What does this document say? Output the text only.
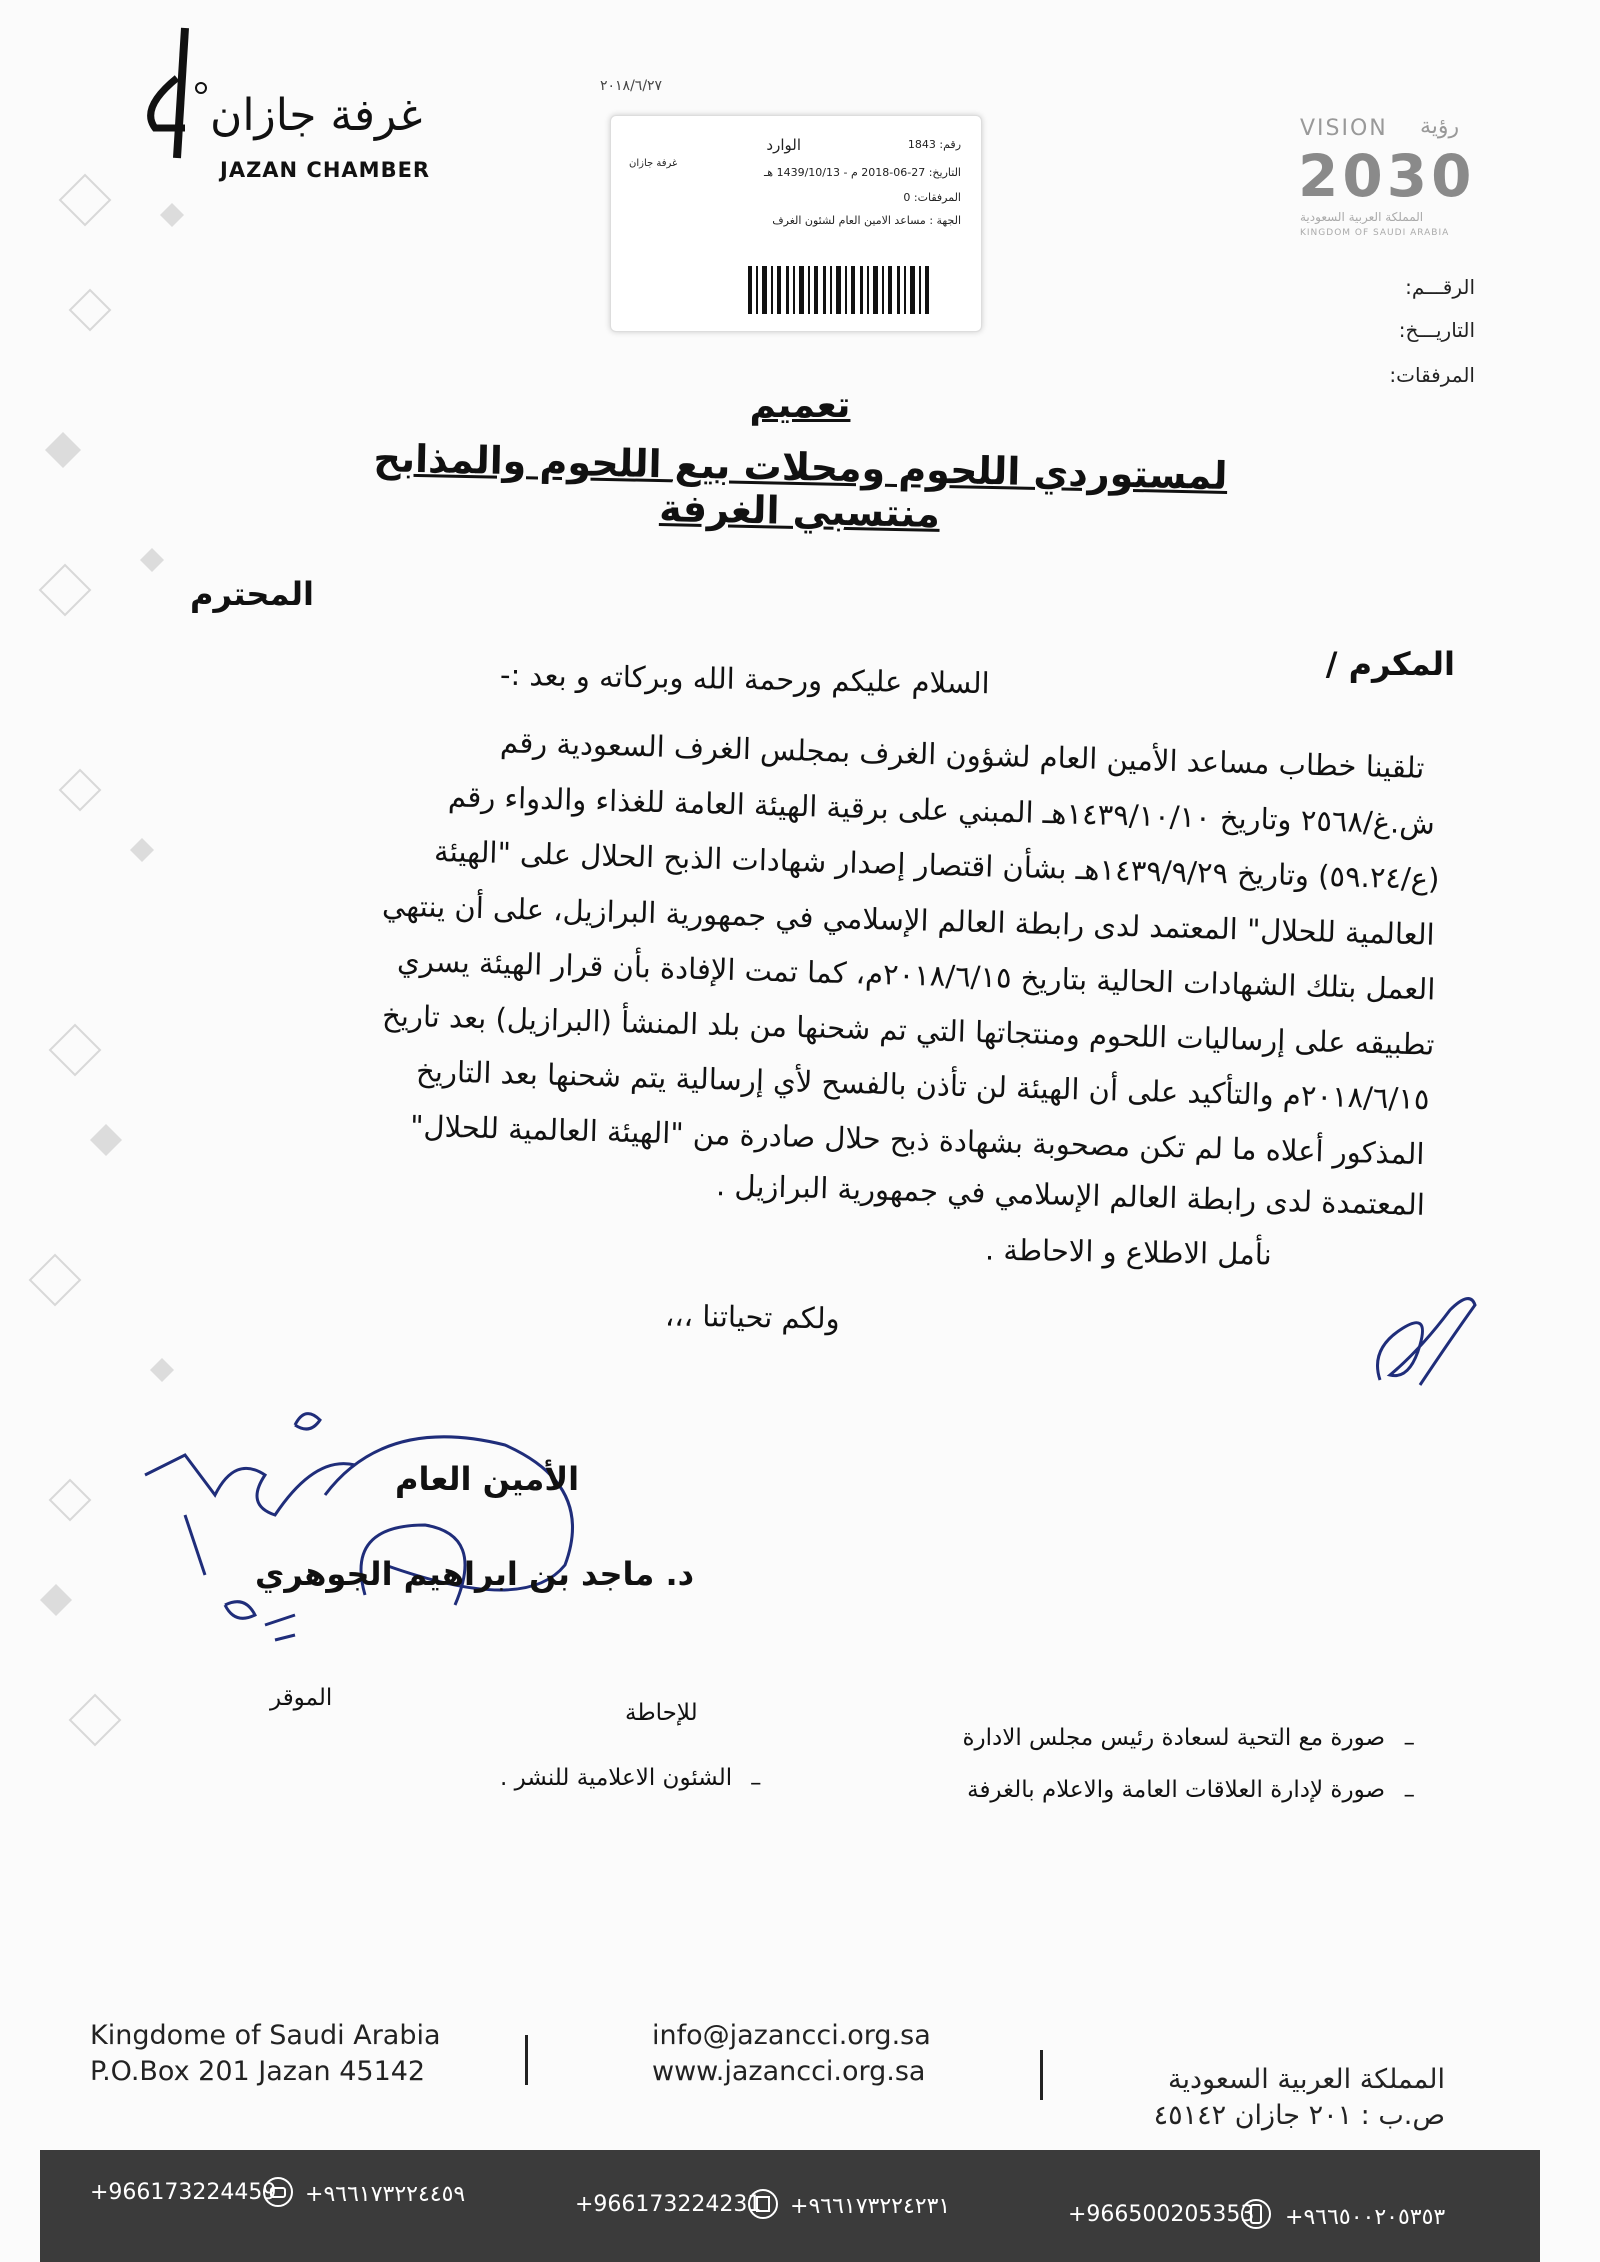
٢٠١٨/٦/٢٧
غرفة جازان
JAZAN CHAMBER
الوارد	رقم: 1843
غرفة جازان
التاريخ: 27-06-2018 م - 1439/10/13 هـ
المرفقات: 0
الجهة : مساعد الامين العام لشئون الغرف
VISION رؤية
2030
المملكة العربية السعودية
KINGDOM OF SAUDI ARABIA
الرقـــم:
التاريـــخ:
المرفقات:
تعميم
لمستوردي اللحوم ومحلات بيع اللحوم والمذابح منتسبي الغرفة
المحترم
المكرم /
السلام عليكم ورحمة الله وبركاته و بعد :-
تلقينا خطاب مساعد الأمين العام لشؤون الغرف بمجلس الغرف السعودية رقم
ش.غ/٢٥٦٨ وتاريخ ١٤٣٩/١٠/١٠هـ المبني على برقية الهيئة العامة للغذاء والدواء رقم
(ع/٥٩.٢٤) وتاريخ ١٤٣٩/٩/٢٩هـ بشأن اقتصار إصدار شهادات الذبح الحلال على "الهيئة
العالمية للحلال" المعتمد لدى رابطة العالم الإسلامي في جمهورية البرازيل، على أن ينتهي
العمل بتلك الشهادات الحالية بتاريخ ٢٠١٨/٦/١٥م، كما تمت الإفادة بأن قرار الهيئة يسري
تطبيقه على إرساليات اللحوم ومنتجاتها التي تم شحنها من بلد المنشأ (البرازيل) بعد تاريخ
٢٠١٨/٦/١٥م والتأكيد على أن الهيئة لن تأذن بالفسح لأي إرسالية يتم شحنها بعد التاريخ
المذكور أعلاه ما لم تكن مصحوبة بشهادة ذبح حلال صادرة من "الهيئة العالمية للحلال"
المعتمدة لدى رابطة العالم الإسلامي في جمهورية البرازيل .
نأمل الاطلاع و الاحاطة .
ولكم تحياتنا ،،،
الأمين العام
د. ماجد بن ابراهيم الجوهري
الموقر
للإحاطة
صورة مع التحية لسعادة رئيس مجلس الادارة –
صورة لإدارة العلاقات العامة والاعلام بالغرفة –
الشئون الاعلامية للنشر . –
Kingdome of Saudi Arabia
P.O.Box 201 Jazan 45142
info@jazancci.org.sa
www.jazancci.org.sa	المملكة العربية السعودية
ص.ب : ٢٠١ جازان ٤٥١٤٢
+966173224459 +٩٦٦١٧٣٢٢٤٤٥٩	+966173224231 +٩٦٦١٧٣٢٢٤٢٣١	+966500205353 +٩٦٦٥٠٠٢٠٥٣٥٣
